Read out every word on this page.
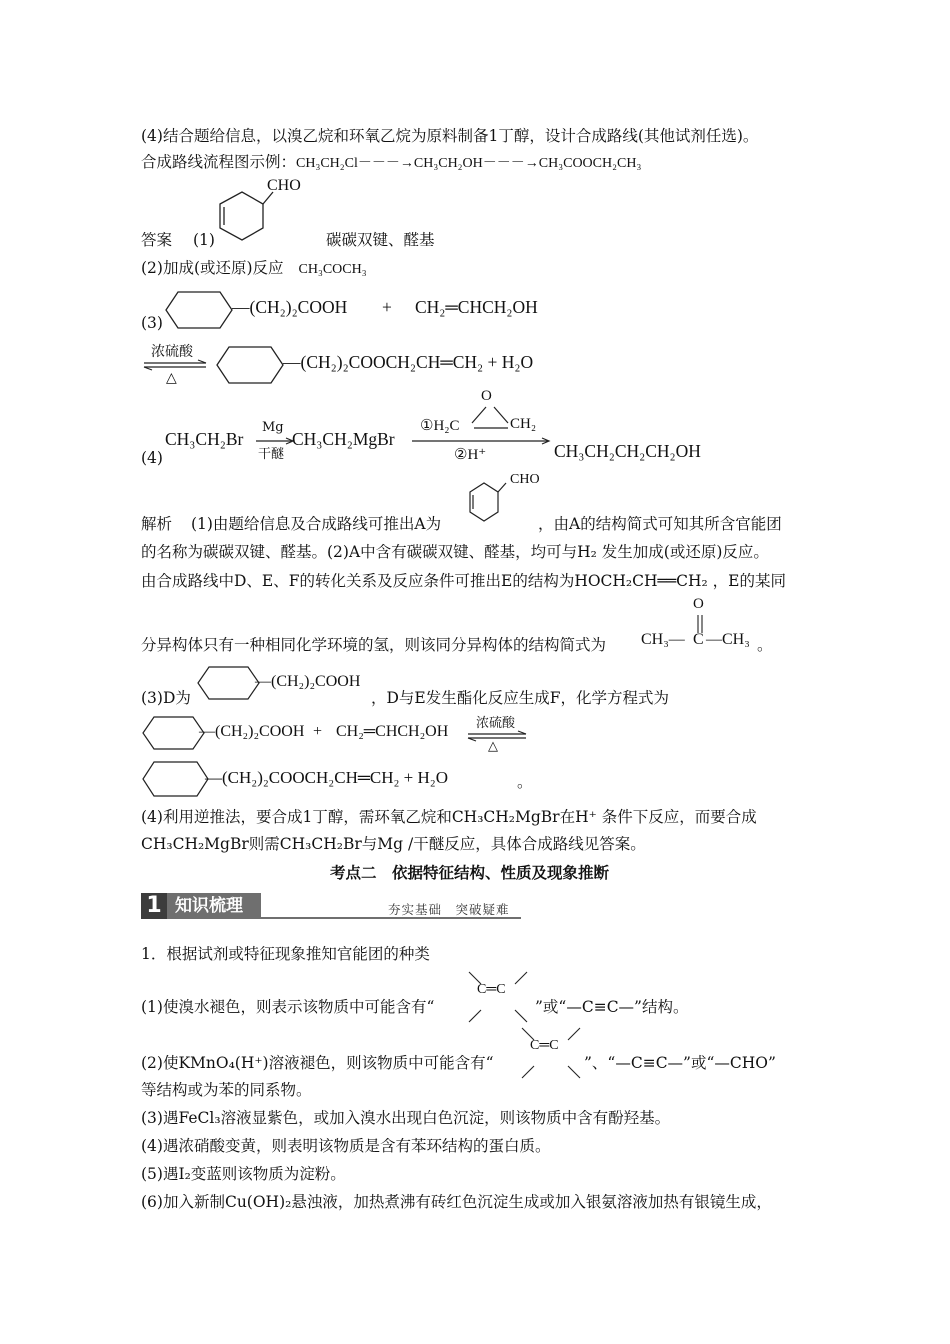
(4)结合题给信息，以溴乙烷和环氧乙烷为原料制备1丁醇，设计合成路线(其他试剂任选)。
合成路线流程图示例：CH₃CH₂Cl－－－→CH₃CH₂OH－－－→CH₃COOCH₂CH₃
CHO
答案 (1)	碳碳双键、醛基
(2)加成(或还原)反应 CH₃COCH₃
—(CH₂)₂COOH + CH₂═CHCH₂OH
(3)
浓硫酸
△
—(CH₂)₂COOCH₂CH═CH₂ + H₂O
CH₃CH₂Br
Mg
干醚
CH₃CH₂MgBr
O
①H₂C	CH₂
②H⁺	CH₃CH₂CH₂CH₂OH
(4)
CHO
解析 (1)由题给信息及合成路线可推出A为	，由A的结构简式可知其所含官能团
的名称为碳碳双键、醛基。(2)A中含有碳碳双键、醛基，均可与H₂ 发生加成(或还原)反应。
由合成路线中D、E、F的转化关系及反应条件可推出E的结构为HOCH₂CH══CH₂ ，E的某同
O
分异构体只有一种相同化学环境的氢，则该同分异构体的结构简式为 CH₃— C —CH₃ 。
(3)D为
—(CH₂)₂COOH
，D与E发生酯化反应生成F，化学方程式为
—(CH₂)₂COOH + CH₂═CHCH₂OH 浓硫酸
△
—(CH₂)₂COOCH₂CH═CH₂ + H₂O	。
(4)利用逆推法，要合成1丁醇，需环氧乙烷和CH₃CH₂MgBr在H⁺ 条件下反应，而要合成
CH₃CH₂MgBr则需CH₃CH₂Br与Mg /干醚反应，具体合成路线见答案。
考点二　依据特征结构、性质及现象推断
1 知识梳理	夯实基础　突破疑难
1．根据试剂或特征现象推知官能团的种类
C═C
(1)使溴水褪色，则表示该物质中可能含有“	”或“—C≡C—”结构。
C═C
(2)使KMnO₄(H⁺)溶液褪色，则该物质中可能含有“	”、“—C≡C—”或“—CHO”
等结构或为苯的同系物。
(3)遇FeCl₃溶液显紫色，或加入溴水出现白色沉淀，则该物质中含有酚羟基。
(4)遇浓硝酸变黄，则表明该物质是含有苯环结构的蛋白质。
(5)遇I₂变蓝则该物质为淀粉。
(6)加入新制Cu(OH)₂悬浊液，加热煮沸有砖红色沉淀生成或加入银氨溶液加热有银镜生成，
